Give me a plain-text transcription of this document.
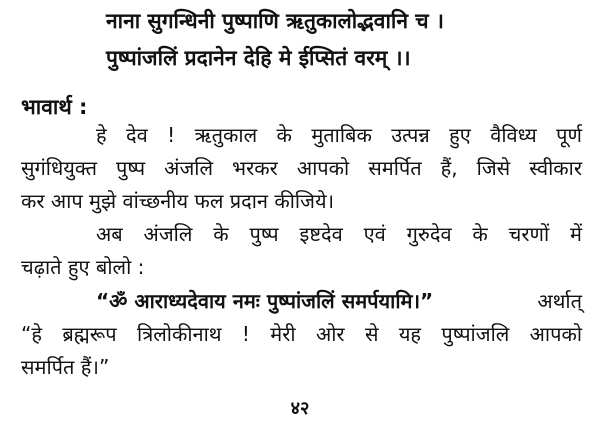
नाना सुगन्धिनी पुष्पाणि ऋतुकालोद्भवानि च ।
पुष्पांजलिं प्रदानेन देहि मे ईप्सितं वरम् ।।
भावार्थ :
हे देव ! ऋतुकाल के मुताबिक उत्पन्न हुए वैविध्य पूर्ण
सुगंधियुक्त पुष्प अंजलि भरकर आपको समर्पित हैं, जिसे स्वीकार
कर आप मुझे वांच्छनीय फल प्रदान कीजिये।
अब अंजलि के पुष्प इष्टदेव एवं गुरुदेव के चरणों में
चढ़ाते हुए बोलो :
“ॐ आराध्यदेवाय नमः पुष्पांजलिं समर्पयामि।”	अर्थात्
“हे ब्रह्मरूप त्रिलोकीनाथ ! मेरी ओर से यह पुष्पांजलि आपको
समर्पित हैं।”
४२
